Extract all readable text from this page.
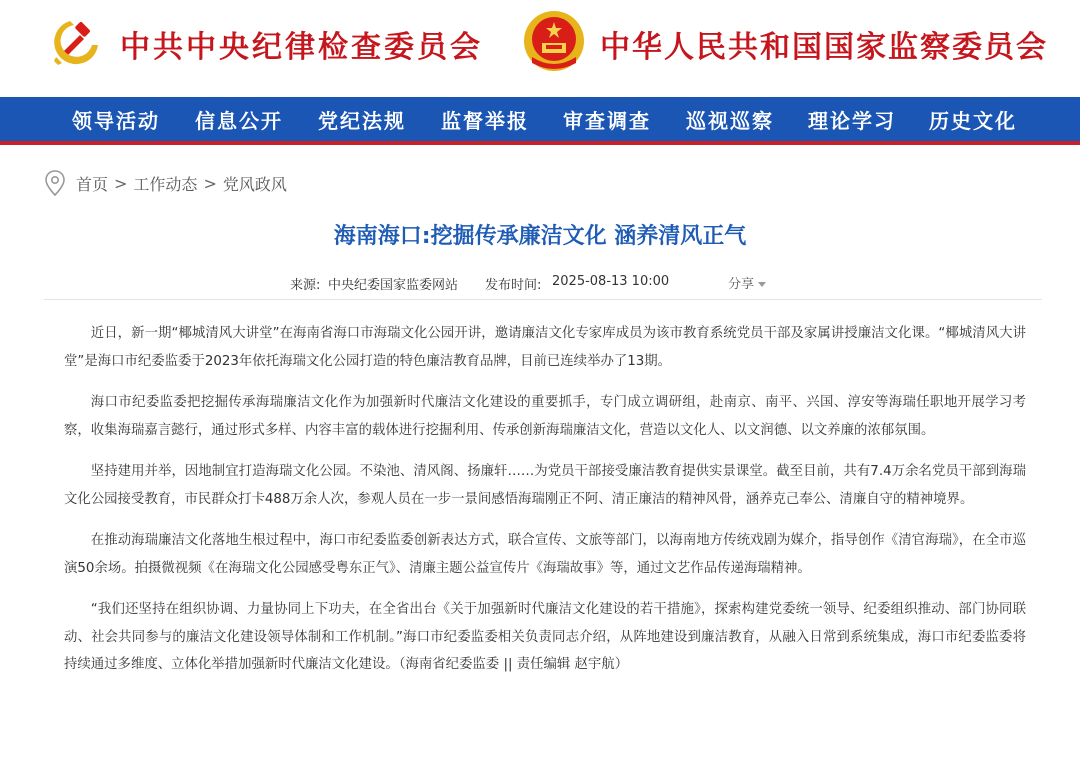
中共中央纪律检查委员会	中华人民共和国国家监察委员会
领导活动 信息公开 党纪法规 监督举报 审查调查 巡视巡察 理论学习 历史文化
首页 > 工作动态 > 党风政风
海南海口:挖掘传承廉洁文化 涵养清风正气
来源: 中央纪委国家监委网站 发布时间: 2025-08-13 10:00	分享

近日，新一期“椰城清风大讲堂”在海南省海口市海瑞文化公园开讲，邀请廉洁文化专家库成员为该市教育系统党员干部及家属讲授廉洁文化课。“椰城清风大讲堂”是海口市纪委监委于2023年依托海瑞文化公园打造的特色廉洁教育品牌，目前已连续举办了13期。

海口市纪委监委把挖掘传承海瑞廉洁文化作为加强新时代廉洁文化建设的重要抓手，专门成立调研组，赴南京、南平、兴国、淳安等海瑞任职地开展学习考察，收集海瑞嘉言懿行，通过形式多样、内容丰富的载体进行挖掘利用、传承创新海瑞廉洁文化，营造以文化人、以文润德、以文养廉的浓郁氛围。

坚持建用并举，因地制宜打造海瑞文化公园。不染池、清风阁、扬廉轩……为党员干部接受廉洁教育提供实景课堂。截至目前，共有7.4万余名党员干部到海瑞文化公园接受教育，市民群众打卡488万余人次，参观人员在一步一景间感悟海瑞刚正不阿、清正廉洁的精神风骨，涵养克己奉公、清廉自守的精神境界。

在推动海瑞廉洁文化落地生根过程中，海口市纪委监委创新表达方式，联合宣传、文旅等部门，以海南地方传统戏剧为媒介，指导创作《清官海瑞》，在全市巡演50余场。拍摄微视频《在海瑞文化公园感受粤东正气》、清廉主题公益宣传片《海瑞故事》等，通过文艺作品传递海瑞精神。

“我们还坚持在组织协调、力量协同上下功夫，在全省出台《关于加强新时代廉洁文化建设的若干措施》，探索构建党委统一领导、纪委组织推动、部门协同联动、社会共同参与的廉洁文化建设领导体制和工作机制。”海口市纪委监委相关负责同志介绍，从阵地建设到廉洁教育，从融入日常到系统集成，海口市纪委监委将持续通过多维度、立体化举措加强新时代廉洁文化建设。（海南省纪委监委 || 责任编辑 赵宇航）
